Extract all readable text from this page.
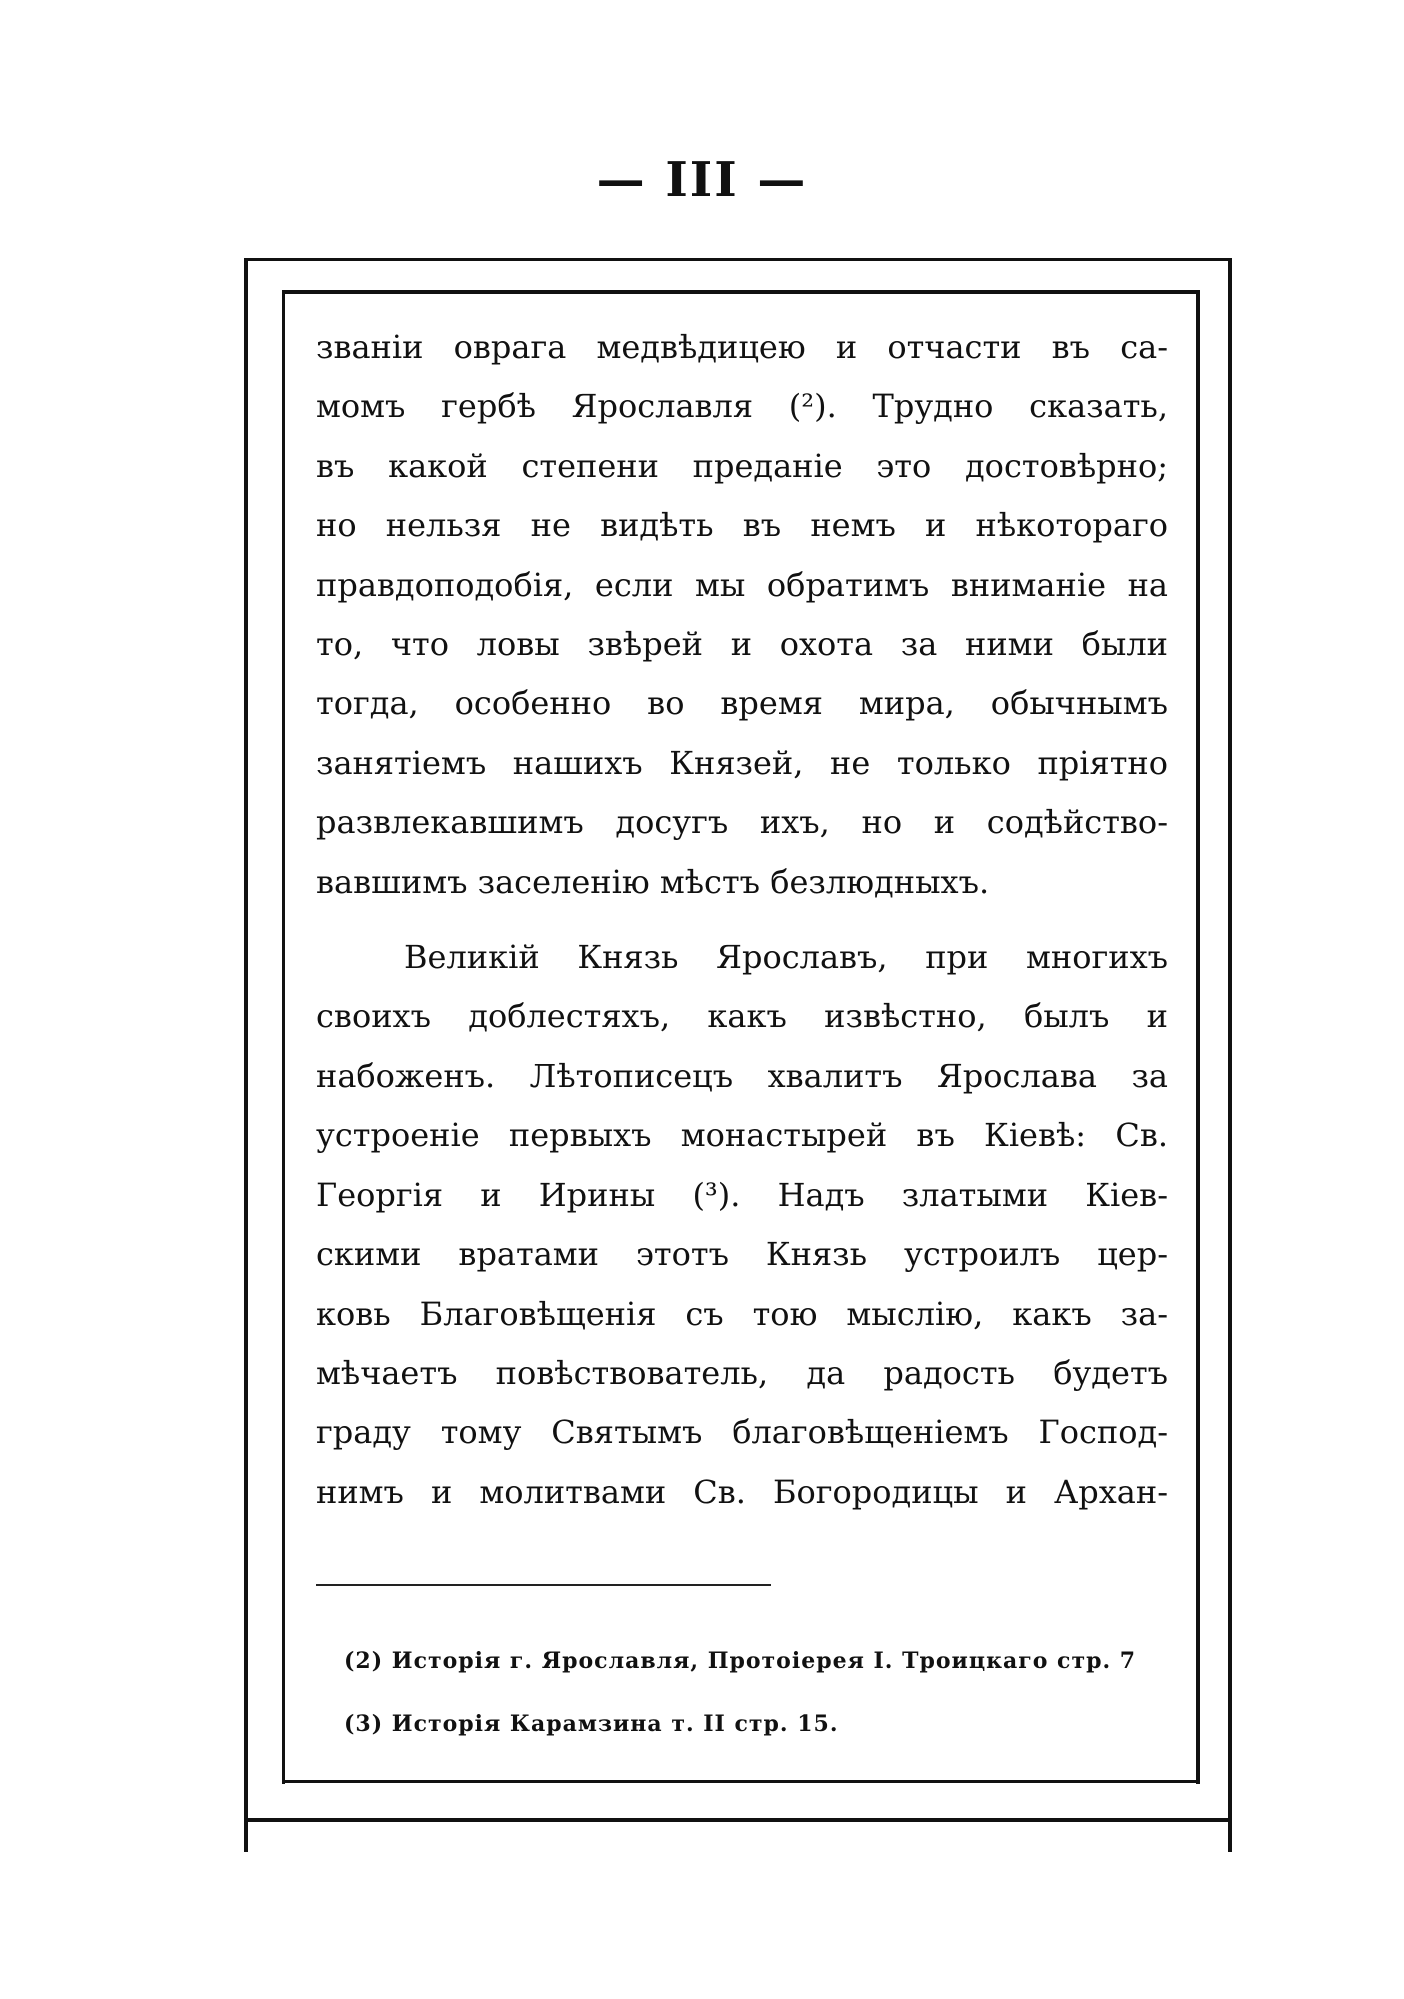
— III —

званіи оврага медвѣдицею и отчасти въ са-
момъ гербѣ Ярославля (²). Трудно сказать,
въ какой степени преданіе это достовѣрно;
но нельзя не видѣть въ немъ и нѣкотораго
правдоподобія, если мы обратимъ вниманіе на
то, что ловы звѣрей и охота за ними были
тогда, особенно во время мира, обычнымъ
занятіемъ нашихъ Князей, не только пріятно
развлекавшимъ досугъ ихъ, но и содѣйство-
вавшимъ заселенію мѣстъ безлюдныхъ.

Великій Князь Ярославъ, при многихъ
своихъ доблестяхъ, какъ извѣстно, былъ и
набоженъ. Лѣтописецъ хвалитъ Ярослава за
устроеніе первыхъ монастырей въ Кіевѣ: Св.
Георгія и Ирины (³). Надъ златыми Кіев-
скими вратами этотъ Князь устроилъ цер-
ковь Благовѣщенія съ тою мыслію, какъ за-
мѣчаетъ повѣствователь, да радость будетъ
граду тому Святымъ благовѣщеніемъ Господ-
нимъ и молитвами Св. Богородицы и Архан-

(2) Исторія г. Ярославля, Протоіерея І. Троицкаго стр. 7
(3) Исторія Карамзина т. II стр. 15.
